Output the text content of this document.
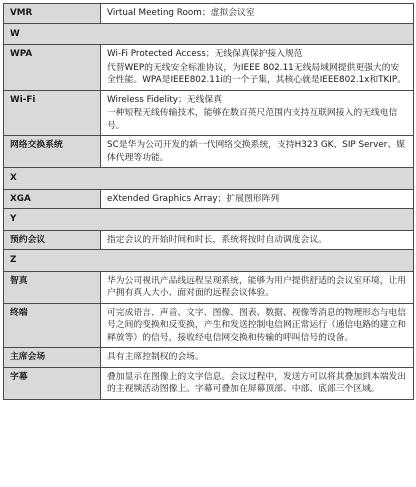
VMR	Virtual Meeting Room；虚拟会议室

W	
WPA	Wi-Fi Protected Access；无线保真保护接入规范

代替WEP的无线安全标准协议，为IEEE 802.11无线局域网提供更强大的安全性能。WPA是IEEE802.11i的一个子集，其核心就是IEEE802.1x和TKIP。

Wi-Fi	Wireless Fidelity；无线保真

一种短程无线传输技术，能够在数百英尺范围内支持互联网接入的无线电信号。

网络交换系统	SC是华为公司开发的新一代网络交换系统，支持H323 GK、SIP Server、媒体代理等功能。

X	
XGA	eXtended Graphics Array；扩展图形阵列

Y	
预约会议	指定会议的开始时间和时长，系统将按时自动调度会议。

Z	
智真	华为公司视讯产品线远程呈现系统，能够为用户提供舒适的会议室环境，让用户拥有真人大小、面对面的远程会议体验。

终端	可完成语言、声音、文字、图像、图表、数据、视像等消息的物理形态与电信号之间的变换和反变换，产生和发送控制电信网正常运行（通信电路的建立和释放等）的信号，接收经电信网交换和传输的呼叫信号的设备。

主席会场	具有主席控制权的会场。

字幕	叠加显示在图像上的文字信息。会议过程中，发送方可以将其叠加到本端发出的主视频活动图像上。字幕可叠加在屏幕顶部、中部、底部三个区域。
